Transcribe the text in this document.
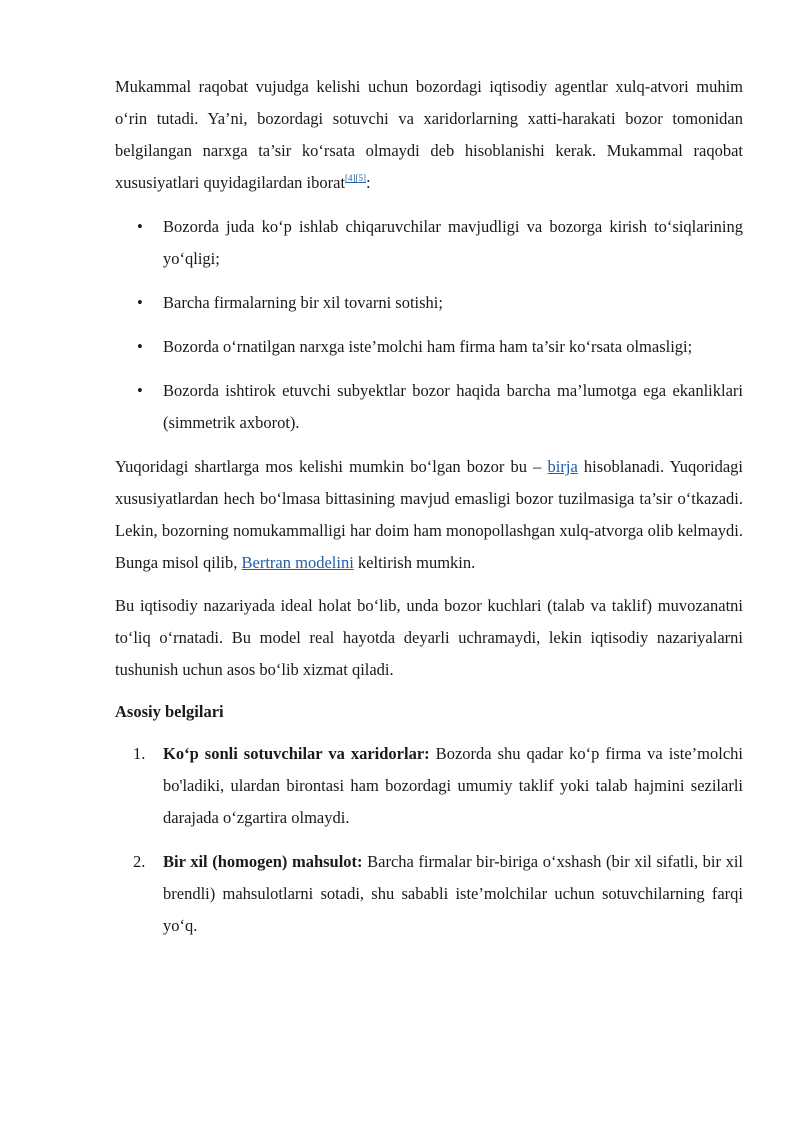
Mukammal raqobat vujudga kelishi uchun bozordagi iqtisodiy agentlar xulq-atvori muhim o‘rin tutadi. Ya’ni, bozordagi sotuvchi va xaridorlarning xatti-harakati bozor tomonidan belgilangan narxga ta’sir ko‘rsata olmaydi deb hisoblanishi kerak. Mukammal raqobat xususiyatlari quyidagilardan iborat[4][5]:

• Bozorda juda ko‘p ishlab chiqaruvchilar mavjudligi va bozorga kirish to‘siqlarining yo‘qligi;
• Barcha firmalarning bir xil tovarni sotishi;
• Bozorda o‘rnatilgan narxga iste’molchi ham firma ham ta’sir ko‘rsata olmasligi;
• Bozorda ishtirok etuvchi subyektlar bozor haqida barcha ma’lumotga ega ekanliklari (simmetrik axborot).

Yuqoridagi shartlarga mos kelishi mumkin bo‘lgan bozor bu – birja hisoblanadi. Yuqoridagi xususiyatlardan hech bo‘lmasa bittasining mavjud emasligi bozor tuzilmasiga ta’sir o‘tkazadi. Lekin, bozorning nomukammalligi har doim ham monopollashgan xulq-atvorga olib kelmaydi. Bunga misol qilib, Bertran modelini keltirish mumkin.

Bu iqtisodiy nazariyada ideal holat bo‘lib, unda bozor kuchlari (talab va taklif) muvozanatni to‘liq o‘rnatadi. Bu model real hayotda deyarli uchramaydi, lekin iqtisodiy nazariyalarni tushunish uchun asos bo‘lib xizmat qiladi.

Asosiy belgilari
1. Ko‘p sonli sotuvchilar va xaridorlar: Bozorda shu qadar ko‘p firma va iste’molchi bo'ladiki, ulardan birontasi ham bozordagi umumiy taklif yoki talab hajmini sezilarli darajada o‘zgartira olmaydi.
2. Bir xil (homogen) mahsulot: Barcha firmalar bir-biriga o‘xshash (bir xil sifatli, bir xil brendli) mahsulotlarni sotadi, shu sababli iste’molchilar uchun sotuvchilarning farqi yo‘q.
